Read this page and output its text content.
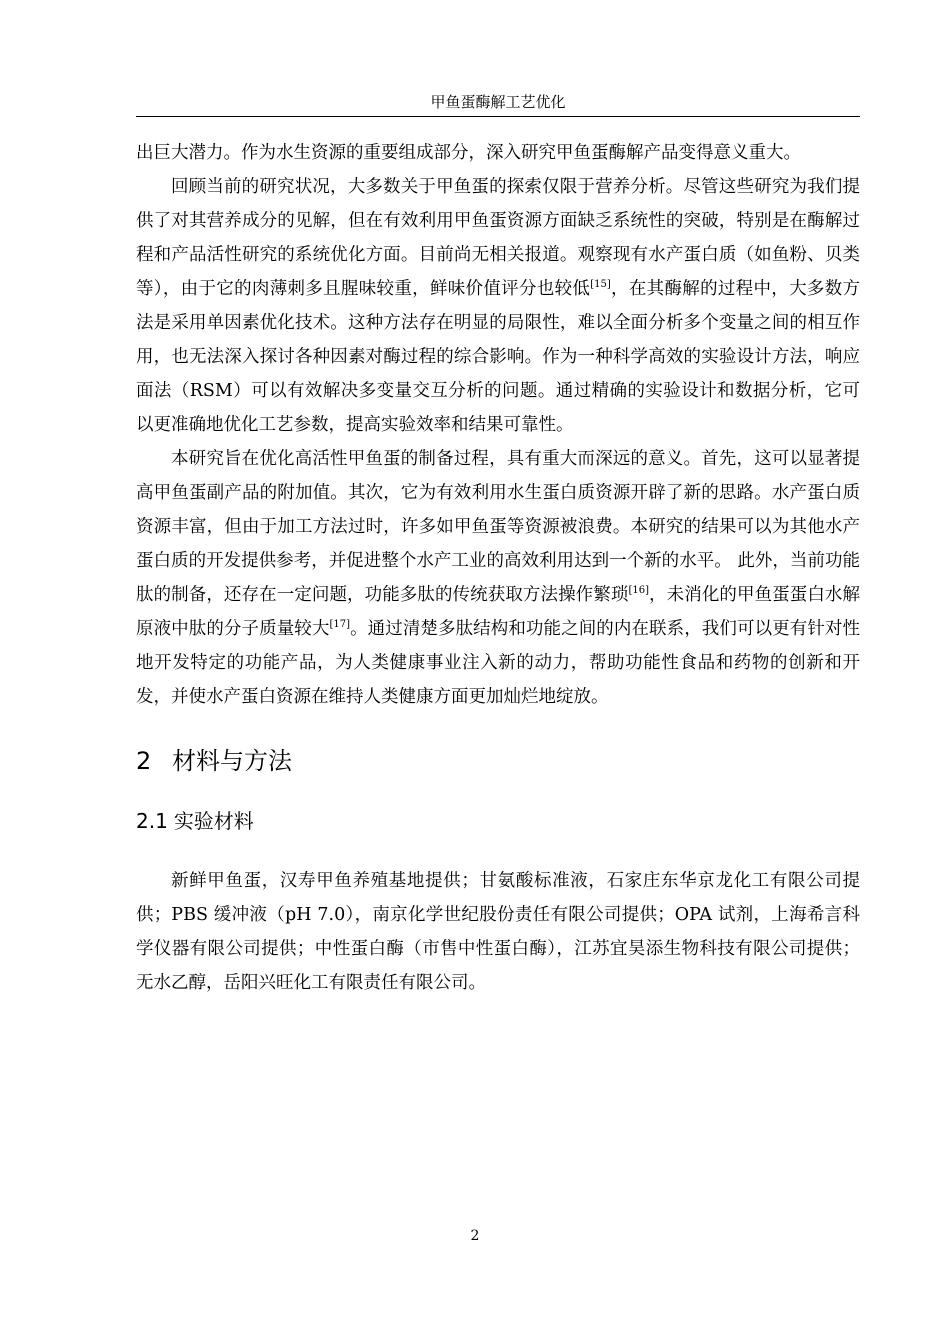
甲鱼蛋酶解工艺优化

出巨大潜力。作为水生资源的重要组成部分，深入研究甲鱼蛋酶解产品变得意义重大。

回顾当前的研究状况，大多数关于甲鱼蛋的探索仅限于营养分析。尽管这些研究为我们提供了对其营养成分的见解，但在有效利用甲鱼蛋资源方面缺乏系统性的突破，特别是在酶解过程和产品活性研究的系统优化方面。目前尚无相关报道。观察现有水产蛋白质（如鱼粉、贝类等），由于它的肉薄刺多且腥味较重，鲜味价值评分也较低[15]，在其酶解的过程中，大多数方法是采用单因素优化技术。这种方法存在明显的局限性，难以全面分析多个变量之间的相互作用，也无法深入探讨各种因素对酶过程的综合影响。作为一种科学高效的实验设计方法，响应面法（RSM）可以有效解决多变量交互分析的问题。通过精确的实验设计和数据分析，它可以更准确地优化工艺参数，提高实验效率和结果可靠性。

本研究旨在优化高活性甲鱼蛋的制备过程，具有重大而深远的意义。首先，这可以显著提高甲鱼蛋副产品的附加值。其次，它为有效利用水生蛋白质资源开辟了新的思路。水产蛋白质资源丰富，但由于加工方法过时，许多如甲鱼蛋等资源被浪费。本研究的结果可以为其他水产蛋白质的开发提供参考，并促进整个水产工业的高效利用达到一个新的水平。 此外，当前功能肽的制备，还存在一定问题，功能多肽的传统获取方法操作繁琐[16]，未消化的甲鱼蛋蛋白水解原液中肽的分子质量较大[17]。通过清楚多肽结构和功能之间的内在联系，我们可以更有针对性地开发特定的功能产品，为人类健康事业注入新的动力，帮助功能性食品和药物的创新和开发，并使水产蛋白资源在维持人类健康方面更加灿烂地绽放。

2 材料与方法
2.1 实验材料

新鲜甲鱼蛋，汉寿甲鱼养殖基地提供；甘氨酸标准液，石家庄东华京龙化工有限公司提供；PBS 缓冲液（pH 7.0），南京化学世纪股份责任有限公司提供；OPA 试剂，上海希言科学仪器有限公司提供；中性蛋白酶（市售中性蛋白酶），江苏宜昊添生物科技有限公司提供；无水乙醇，岳阳兴旺化工有限责任有限公司。

2
